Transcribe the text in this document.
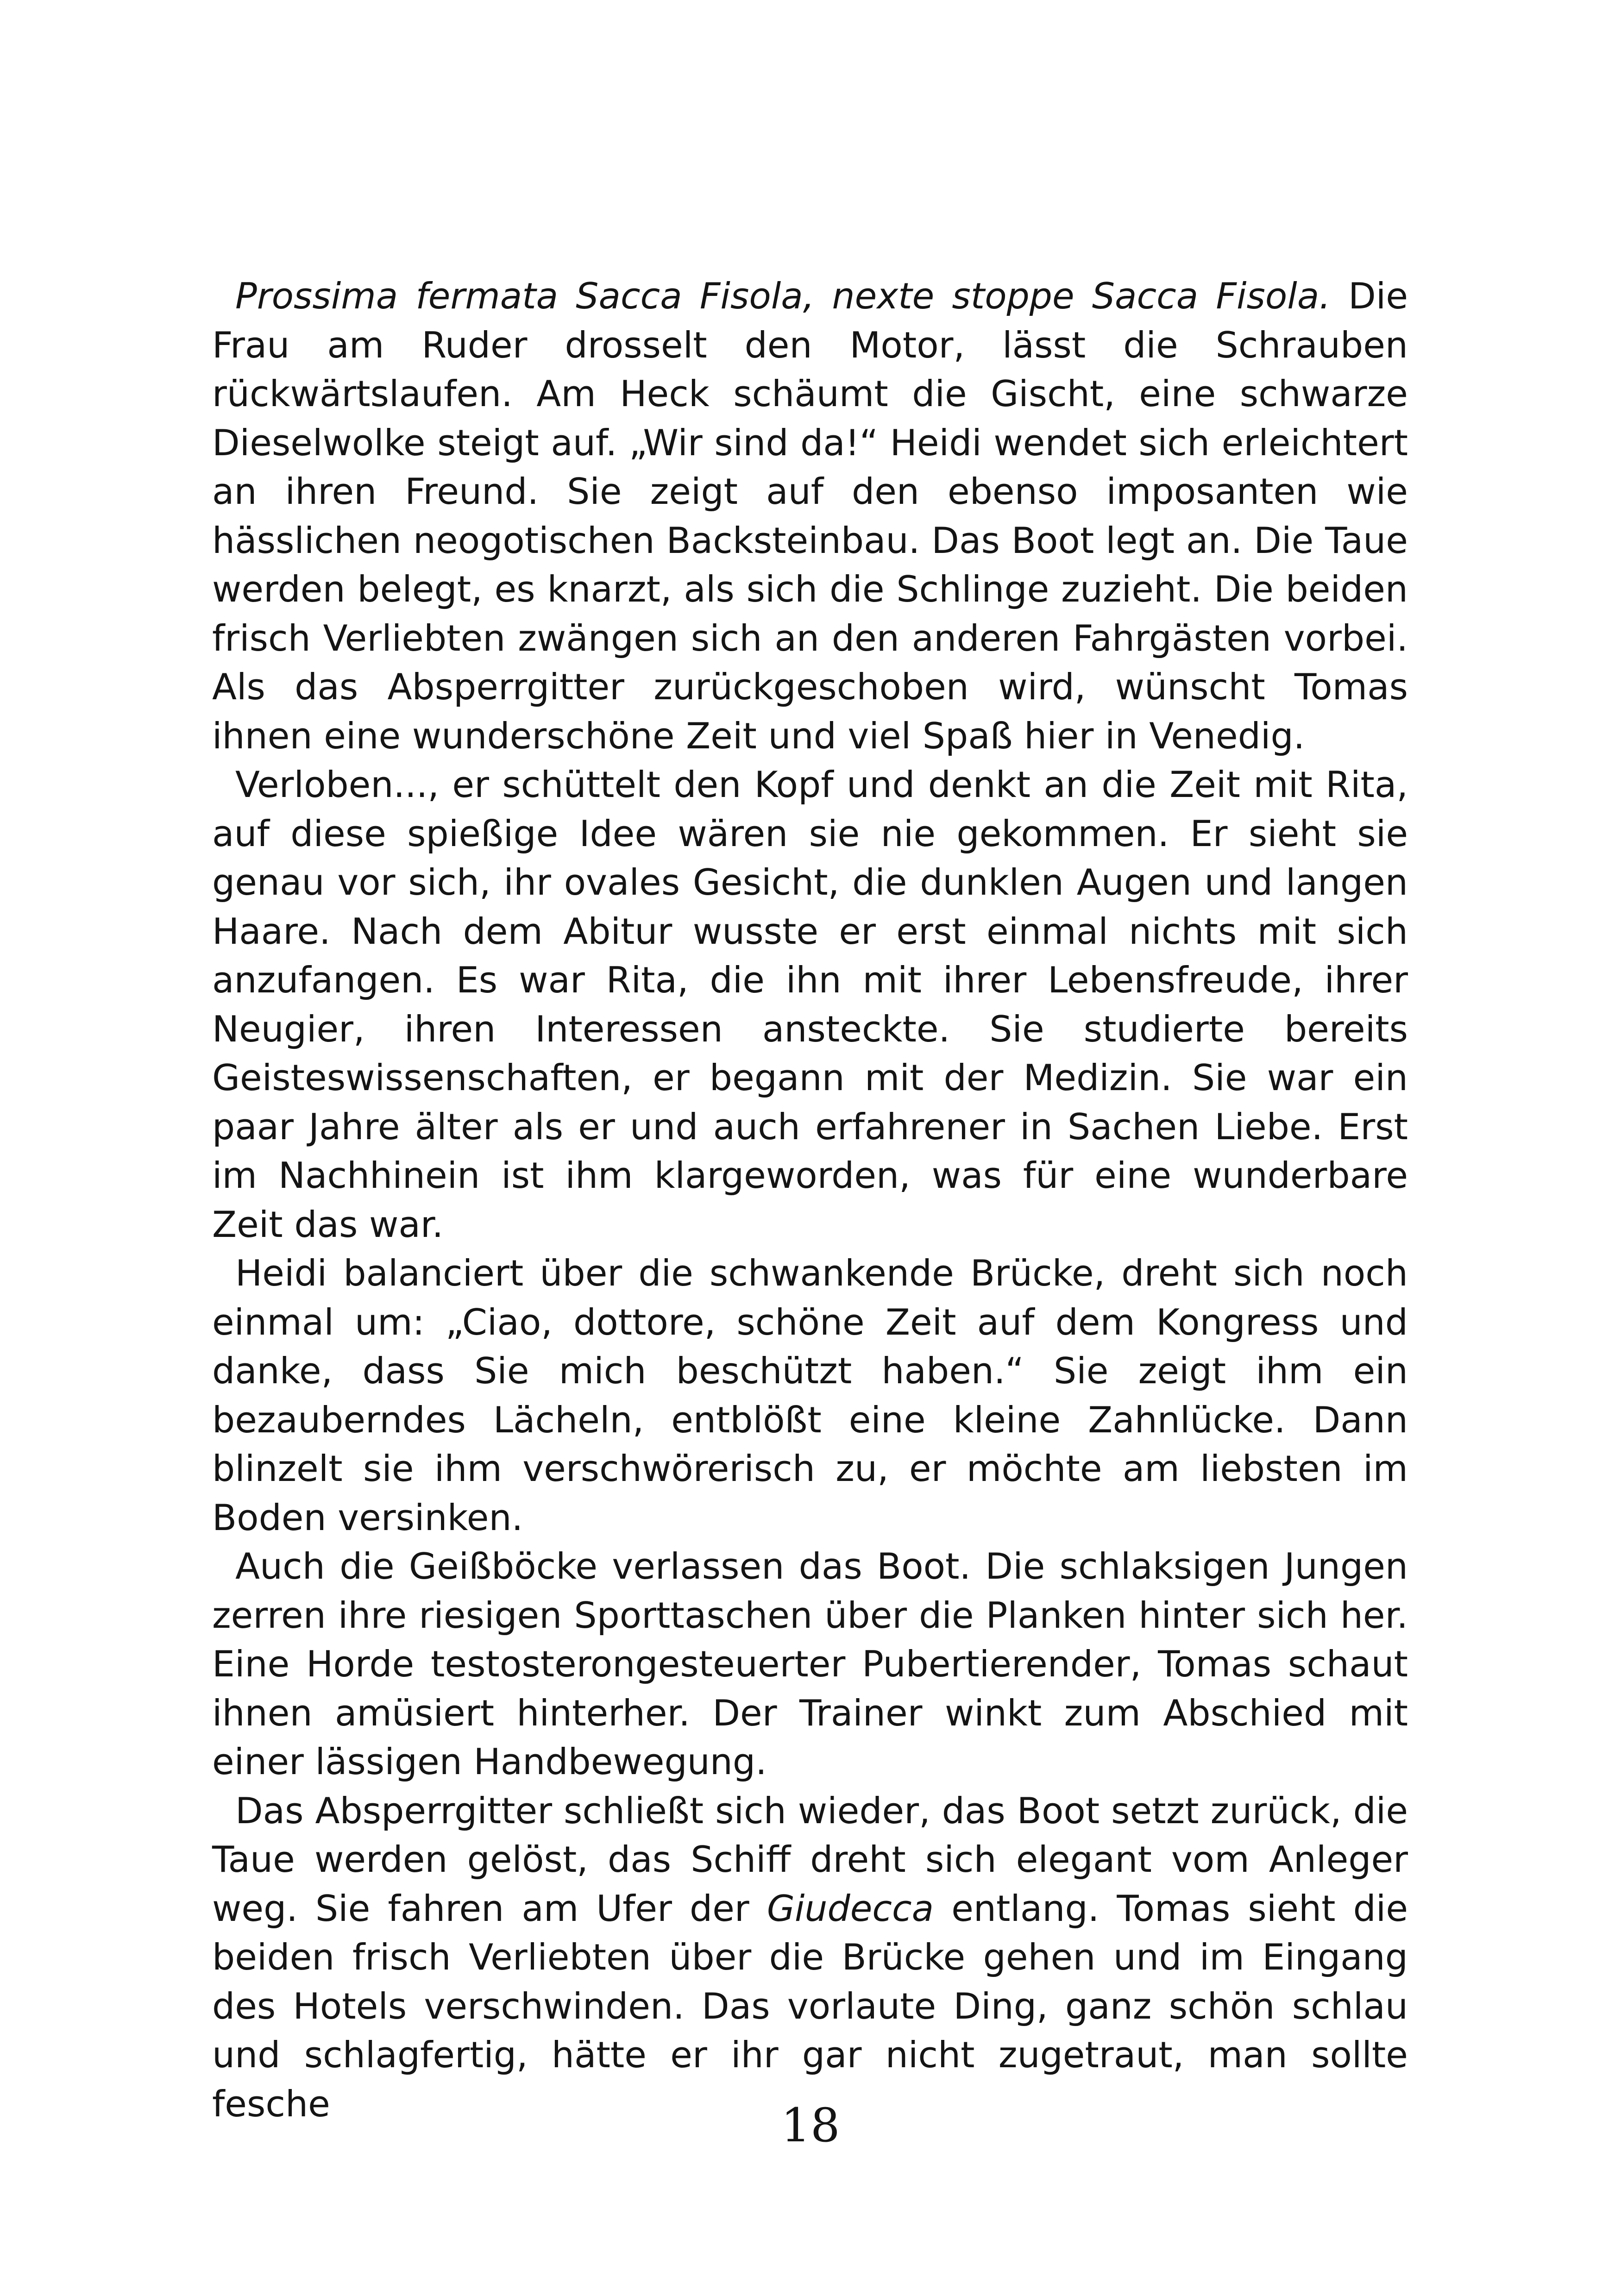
Prossima fermata Sacca Fisola, nexte stoppe Sacca Fisola. Die Frau am Ruder drosselt den Motor, lässt die Schrauben rückwärtslaufen. Am Heck schäumt die Gischt, eine schwarze Dieselwolke steigt auf. „Wir sind da!“ Heidi wendet sich erleichtert an ihren Freund. Sie zeigt auf den ebenso imposanten wie hässlichen neogotischen Backsteinbau. Das Boot legt an. Die Taue werden belegt, es knarzt, als sich die Schlinge zuzieht. Die beiden frisch Verliebten zwängen sich an den anderen Fahrgästen vorbei. Als das Absperrgitter zurückgeschoben wird, wünscht Tomas ihnen eine wunderschöne Zeit und viel Spaß hier in Venedig.

Verloben..., er schüttelt den Kopf und denkt an die Zeit mit Rita, auf diese spießige Idee wären sie nie gekommen. Er sieht sie genau vor sich, ihr ovales Gesicht, die dunklen Augen und langen Haare. Nach dem Abitur wusste er erst einmal nichts mit sich anzufangen. Es war Rita, die ihn mit ihrer Lebensfreude, ihrer Neugier, ihren Interessen ansteckte. Sie studierte bereits Geisteswissenschaften, er begann mit der Medizin. Sie war ein paar Jahre älter als er und auch erfahrener in Sachen Liebe. Erst im Nachhinein ist ihm klargeworden, was für eine wunderbare Zeit das war.

Heidi balanciert über die schwankende Brücke, dreht sich noch einmal um: „Ciao, dottore, schöne Zeit auf dem Kongress und danke, dass Sie mich beschützt haben.“ Sie zeigt ihm ein bezauberndes Lächeln, entblößt eine kleine Zahnlücke. Dann blinzelt sie ihm verschwörerisch zu, er möchte am liebsten im Boden versinken.

Auch die Geißböcke verlassen das Boot. Die schlaksigen Jungen zerren ihre riesigen Sporttaschen über die Planken hinter sich her. Eine Horde testosterongesteuerter Pubertierender, Tomas schaut ihnen amüsiert hinterher. Der Trainer winkt zum Abschied mit einer lässigen Handbewegung.

Das Absperrgitter schließt sich wieder, das Boot setzt zurück, die Taue werden gelöst, das Schiff dreht sich elegant vom Anleger weg. Sie fahren am Ufer der Giudecca entlang. Tomas sieht die beiden frisch Verliebten über die Brücke gehen und im Eingang des Hotels verschwinden. Das vorlaute Ding, ganz schön schlau und schlagfertig, hätte er ihr gar nicht zugetraut, man sollte fesche	18
